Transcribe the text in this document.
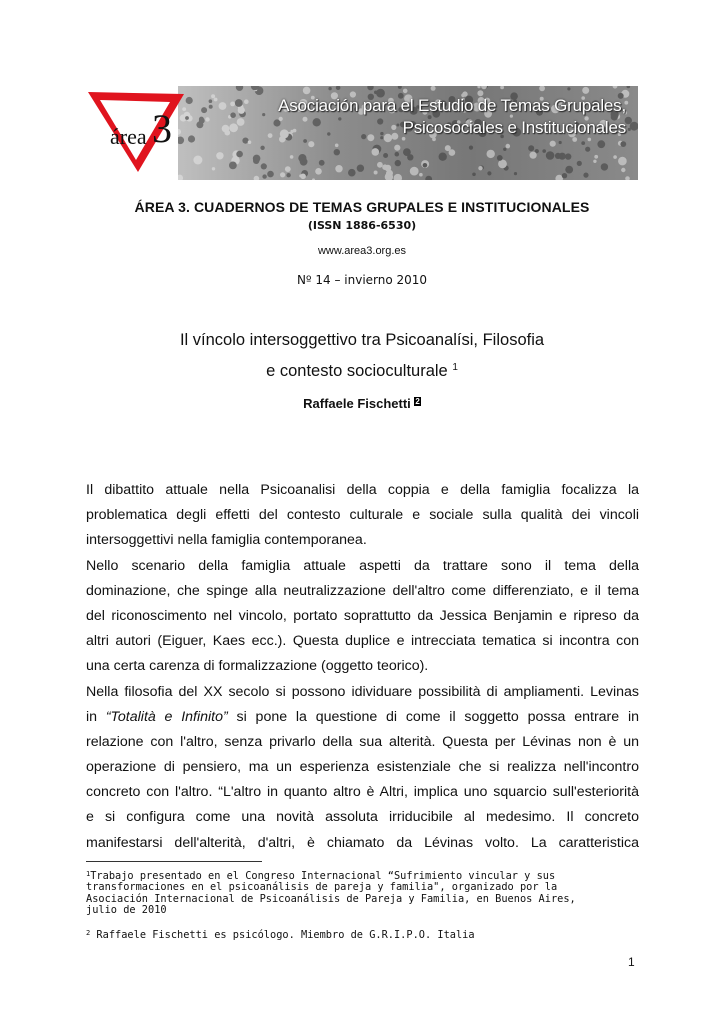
área 3
Asociación para el Estudio de Temas Grupales,
Psicosociales e Institucionales
ÁREA 3. CUADERNOS DE TEMAS GRUPALES E INSTITUCIONALES
(ISSN 1886-6530)
www.area3.org.es
Nº 14 – invierno 2010
Il víncolo intersoggettivo tra Psicoanalísi, Filosofia
e contesto socioculturale $^1$
Raffaele Fischetti $^2$
Il dibattito attuale nella Psicoanalisi della coppia e della famiglia focalizza la
problematica degli effetti del contesto culturale e sociale sulla qualità dei vincoli
intersoggettivi nella famiglia contemporanea.
Nello scenario della famiglia attuale aspetti da trattare sono il tema della
dominazione, che spinge alla neutralizzazione dell'altro come differenziato, e il tema
del riconoscimento nel vincolo, portato soprattutto da Jessica Benjamin e ripreso da
altri autori (Eiguer, Kaes ecc.). Questa duplice e intrecciata tematica si incontra con
una certa carenza di formalizzazione (oggetto teorico).
Nella filosofia del XX secolo si possono idividuare possibilità di ampliamenti. Levinas
in “Totalità e Infinito” si pone la questione di come il soggetto possa entrare in
relazione con l'altro, senza privarlo della sua alterità. Questa per Lévinas non è un
operazione di pensiero, ma un esperienza esistenziale che si realizza nell'incontro
concreto con l'altro. “L'altro in quanto altro è Altri, implica uno squarcio sull'esteriorità
e si configura come una novità assoluta irriducibile al medesimo. Il concreto
manifestarsi dell'alterità, d'altri, è chiamato da Lévinas volto. La caratteristica
$^1$Trabajo presentado en el Congreso Internacional “Sufrimiento vincular y sus
transformaciones en el psicoanálisis de pareja y familia", organizado por la
Asociación Internacional de Psicoanálisis de Pareja y Familia, en Buenos Aires,
julio de 2010
$^2$ Raffaele Fischetti es psicólogo. Miembro de G.R.I.P.O. Italia
1
